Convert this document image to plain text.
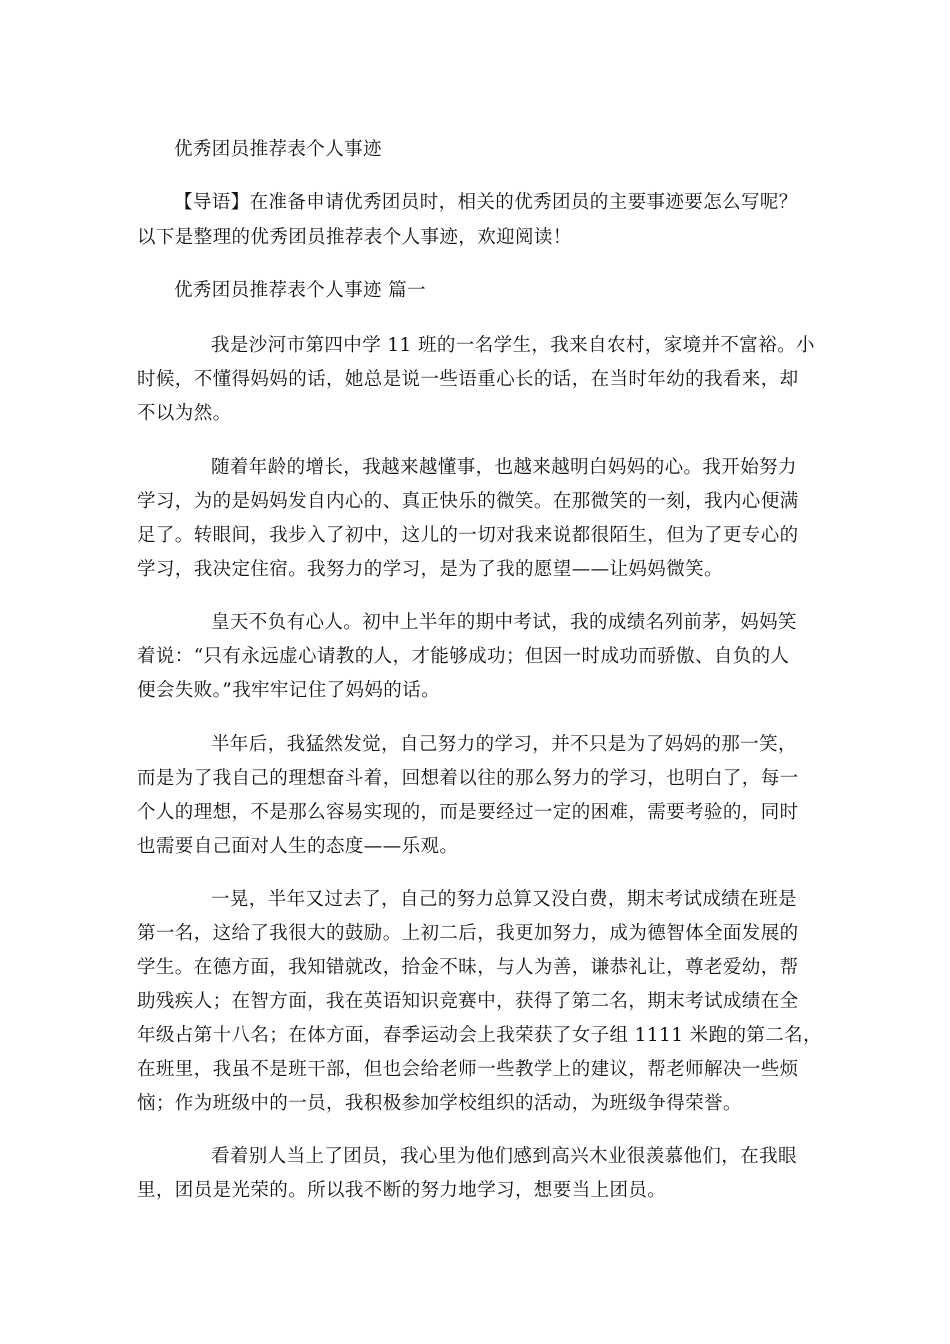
优秀团员推荐表个人事迹
【导语】在准备申请优秀团员时，相关的优秀团员的主要事迹要怎么写呢？
以下是整理的优秀团员推荐表个人事迹，欢迎阅读！
优秀团员推荐表个人事迹 篇一
我是沙河市第四中学 11 班的一名学生，我来自农村，家境并不富裕。小
时候，不懂得妈妈的话，她总是说一些语重心长的话，在当时年幼的我看来，却
不以为然。
随着年龄的增长，我越来越懂事，也越来越明白妈妈的心。我开始努力
学习，为的是妈妈发自内心的、真正快乐的微笑。在那微笑的一刻，我内心便满
足了。转眼间，我步入了初中，这儿的一切对我来说都很陌生，但为了更专心的
学习，我决定住宿。我努力的学习，是为了我的愿望——让妈妈微笑。
皇天不负有心人。初中上半年的期中考试，我的成绩名列前茅，妈妈笑
着说：“只有永远虚心请教的人，才能够成功；但因一时成功而骄傲、自负的人
便会失败。”我牢牢记住了妈妈的话。
半年后，我猛然发觉，自己努力的学习，并不只是为了妈妈的那一笑，
而是为了我自己的理想奋斗着，回想着以往的那么努力的学习，也明白了，每一
个人的理想，不是那么容易实现的，而是要经过一定的困难，需要考验的，同时
也需要自己面对人生的态度——乐观。
一晃，半年又过去了，自己的努力总算又没白费，期末考试成绩在班是
第一名，这给了我很大的鼓励。上初二后，我更加努力，成为德智体全面发展的
学生。在德方面，我知错就改，拾金不昧，与人为善，谦恭礼让，尊老爱幼，帮
助残疾人；在智方面，我在英语知识竞赛中，获得了第二名，期末考试成绩在全
年级占第十八名；在体方面，春季运动会上我荣获了女子组 1111 米跑的第二名，
在班里，我虽不是班干部，但也会给老师一些教学上的建议，帮老师解决一些烦
恼；作为班级中的一员，我积极参加学校组织的活动，为班级争得荣誉。
看着别人当上了团员，我心里为他们感到高兴木业很羡慕他们，在我眼
里，团员是光荣的。所以我不断的努力地学习，想要当上团员。
